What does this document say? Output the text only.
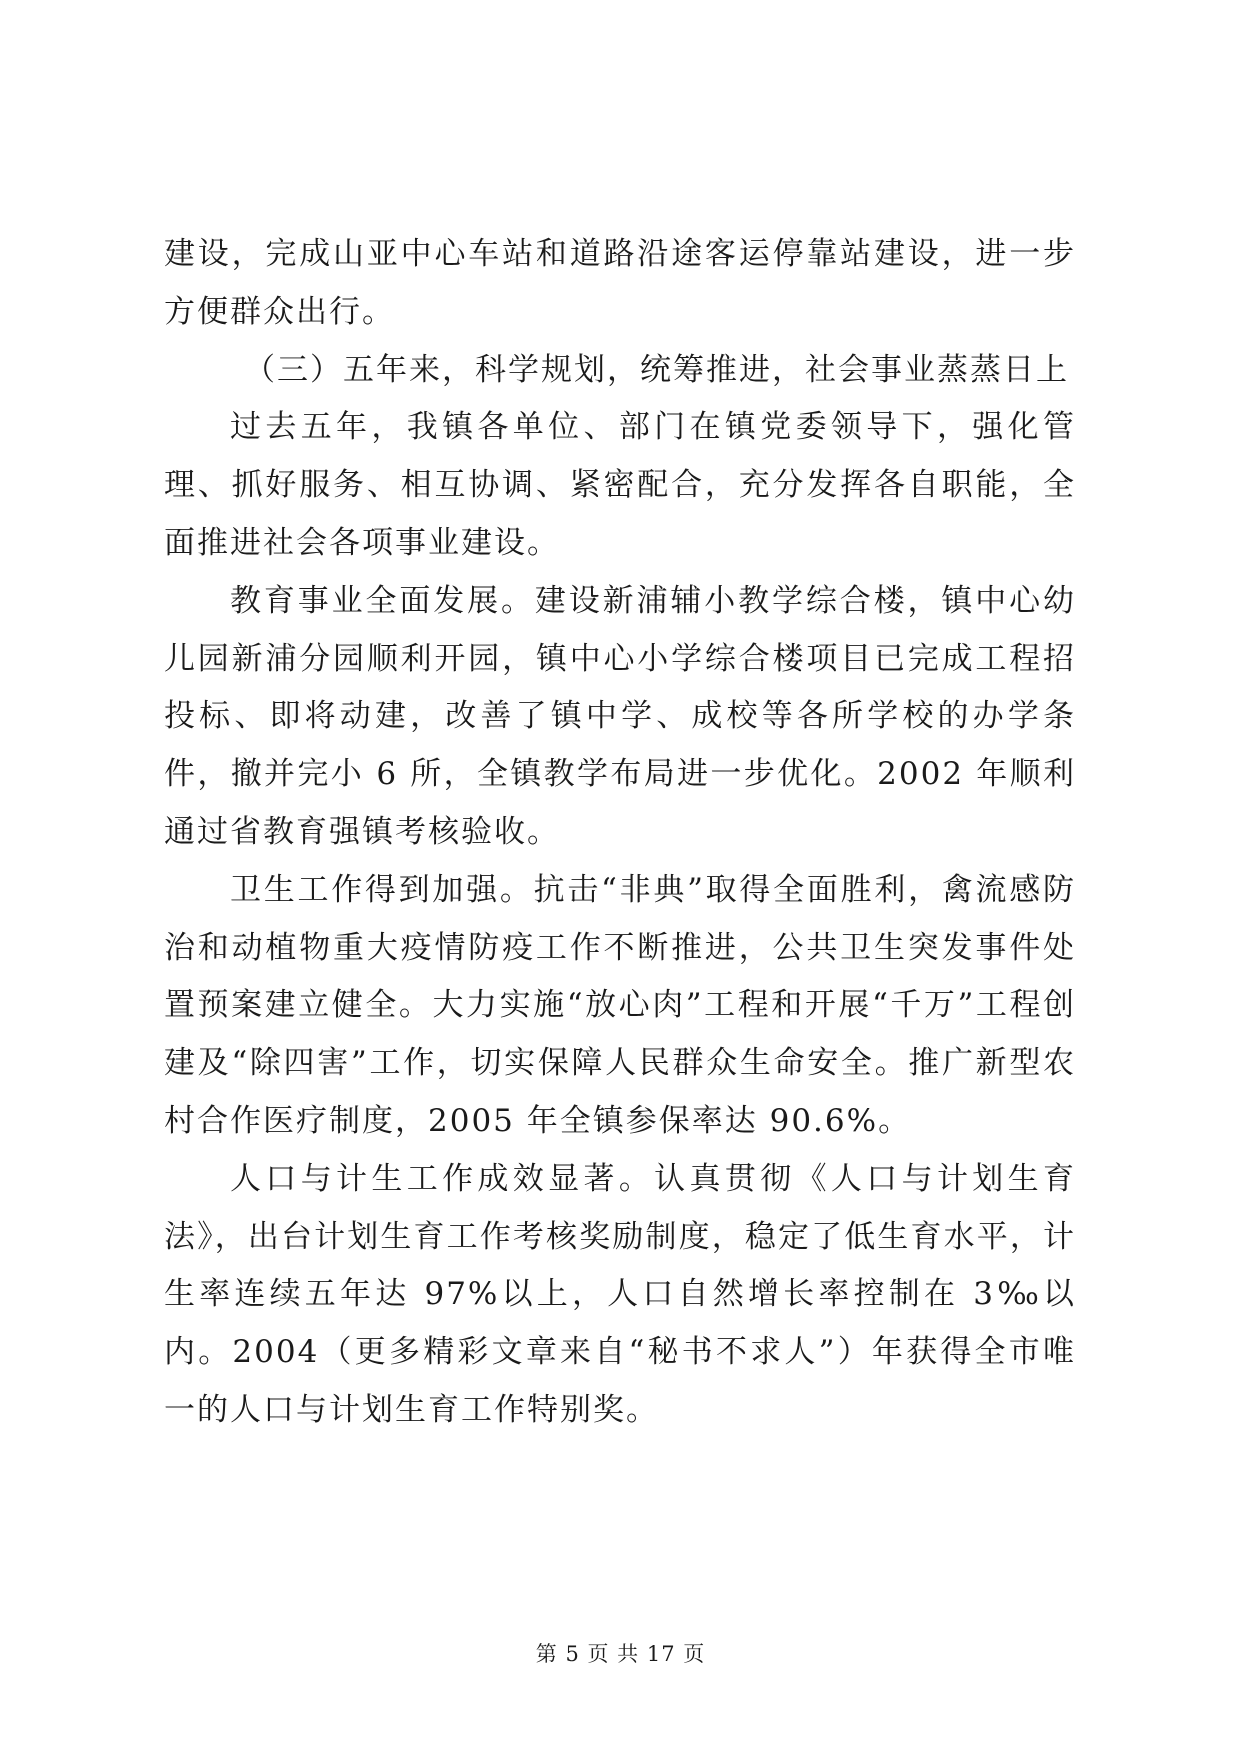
建设，完成山亚中心车站和道路沿途客运停靠站建设，进一步方便群众出行。

（三）五年来，科学规划，统筹推进，社会事业蒸蒸日上

过去五年，我镇各单位、部门在镇党委领导下，强化管理、抓好服务、相互协调、紧密配合，充分发挥各自职能，全面推进社会各项事业建设。

教育事业全面发展。建设新浦辅小教学综合楼，镇中心幼儿园新浦分园顺利开园，镇中心小学综合楼项目已完成工程招投标、即将动建，改善了镇中学、成校等各所学校的办学条件，撤并完小 6 所，全镇教学布局进一步优化。2002 年顺利通过省教育强镇考核验收。

卫生工作得到加强。抗击“非典”取得全面胜利，禽流感防治和动植物重大疫情防疫工作不断推进，公共卫生突发事件处置预案建立健全。大力实施“放心肉”工程和开展“千万”工程创建及“除四害”工作，切实保障人民群众生命安全。推广新型农村合作医疗制度，2005 年全镇参保率达 90.6%。

人口与计生工作成效显著。认真贯彻《人口与计划生育法》，出台计划生育工作考核奖励制度，稳定了低生育水平，计生率连续五年达 97%以上，人口自然增长率控制在 3‰以内。2004（更多精彩文章来自“秘书不求人”）年获得全市唯一的人口与计划生育工作特别奖。

第 5 页 共 17 页
